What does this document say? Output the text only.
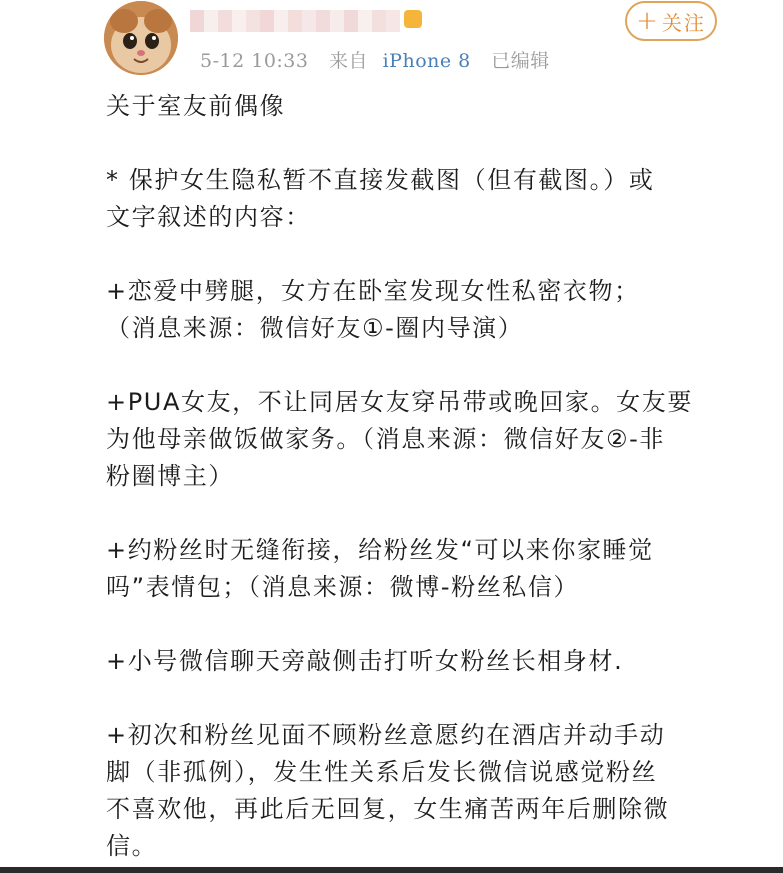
5-12 10:33 来自 iPhone 8 已编辑
+ 关注

关于室友前偶像

* 保护女生隐私暂不直接发截图（但有截图。）或

文字叙述的内容：

+恋爱中劈腿，女方在卧室发现女性私密衣物；

（消息来源：微信好友①-圈内导演）

+PUA女友，不让同居女友穿吊带或晚回家。女友要

为他母亲做饭做家务。（消息来源：微信好友②-非

粉圈博主）

+约粉丝时无缝衔接，给粉丝发“可以来你家睡觉

吗”表情包；（消息来源：微博-粉丝私信）

+小号微信聊天旁敲侧击打听女粉丝长相身材.

+初次和粉丝见面不顾粉丝意愿约在酒店并动手动

脚（非孤例），发生性关系后发长微信说感觉粉丝

不喜欢他，再此后无回复，女生痛苦两年后删除微

信。
